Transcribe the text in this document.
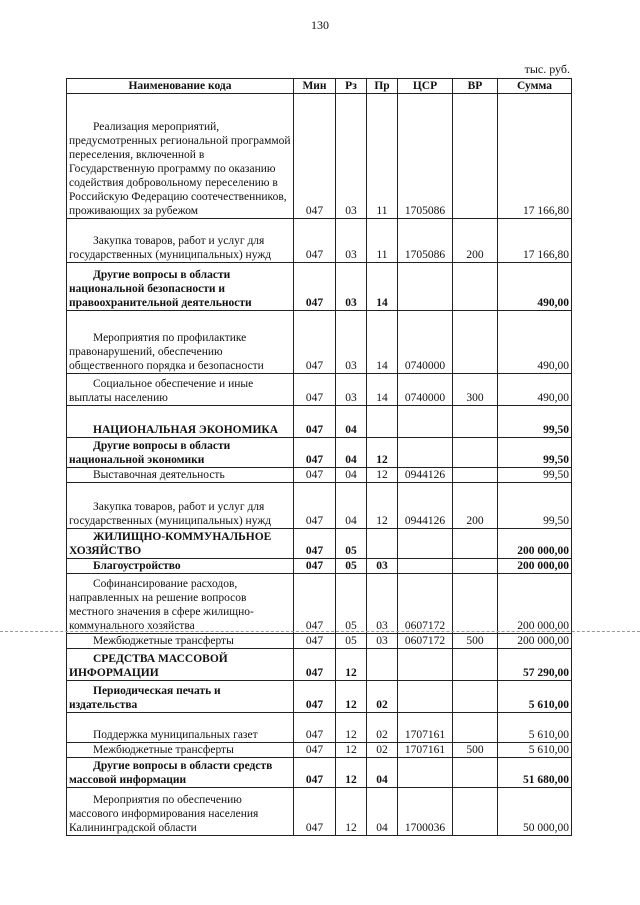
130
тыс. руб.
Наименование кода	Мин	Рз	Пр	ЦСР	ВР	Сумма
Реализация мероприятий, предусмотренных региональной программой переселения, включенной в Государственную программу по оказанию содействия добровольному переселению в Российскую Федерацию соотечественников, проживающих за рубежом	047	03	11	1705086		17 166,80
Закупка товаров, работ и услуг для государственных (муниципальных) нужд	047	03	11	1705086	200	17 166,80
Другие вопросы в области национальной безопасности и правоохранительной деятельности	047	03	14			490,00
Мероприятия по профилактике правонарушений, обеспечению общественного порядка и безопасности	047	03	14	0740000		490,00
Социальное обеспечение и иные выплаты населению	047	03	14	0740000	300	490,00
НАЦИОНАЛЬНАЯ ЭКОНОМИКА	047	04				99,50
Другие вопросы в области национальной экономики	047	04	12			99,50
Выставочная деятельность	047	04	12	0944126		99,50
Закупка товаров, работ и услуг для государственных (муниципальных) нужд	047	04	12	0944126	200	99,50
ЖИЛИЩНО-КОММУНАЛЬНОЕ ХОЗЯЙСТВО	047	05				200 000,00
Благоустройство	047	05	03			200 000,00
Софинансирование расходов, направленных на решение вопросов местного значения в сфере жилищно-коммунального хозяйства	047	05	03	0607172		200 000,00
Межбюджетные трансферты	047	05	03	0607172	500	200 000,00
СРЕДСТВА МАССОВОЙ ИНФОРМАЦИИ	047	12				57 290,00
Периодическая печать и издательства	047	12	02			5 610,00
Поддержка муниципальных газет	047	12	02	1707161		5 610,00
Межбюджетные трансферты	047	12	02	1707161	500	5 610,00
Другие вопросы в области средств массовой информации	047	12	04			51 680,00
Мероприятия по обеспечению массового информирования населения Калининградской области	047	12	04	1700036		50 000,00
